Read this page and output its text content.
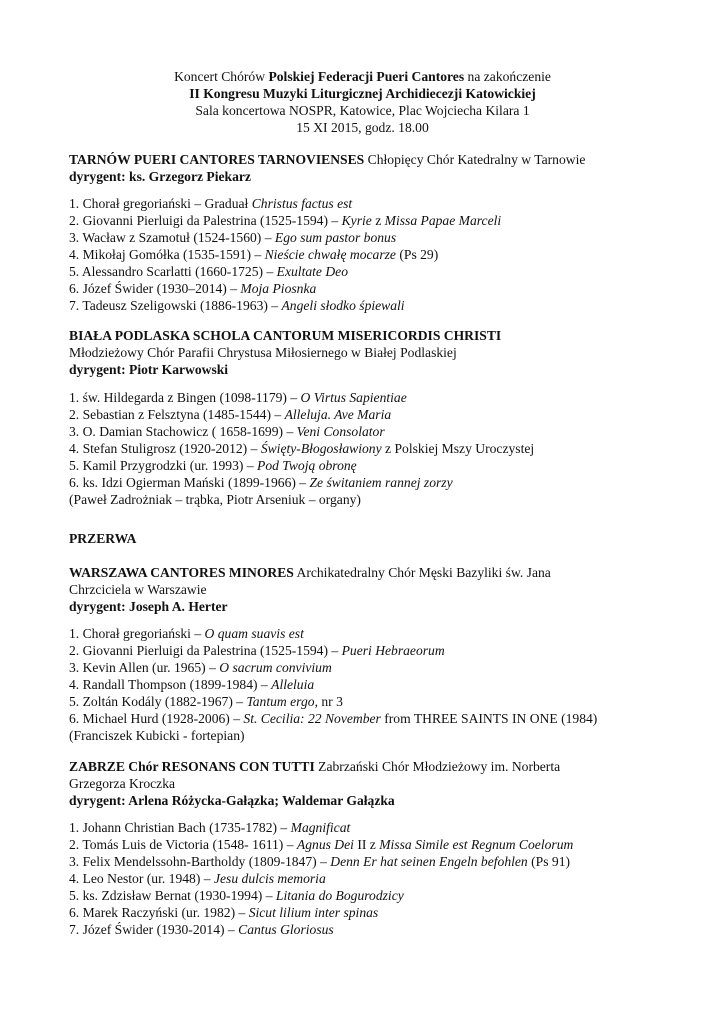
Koncert Chórów Polskiej Federacji Pueri Cantores na zakończenie
II Kongresu Muzyki Liturgicznej Archidiecezji Katowickiej
Sala koncertowa NOSPR, Katowice, Plac Wojciecha Kilara 1
15 XI 2015, godz. 18.00
TARNÓW PUERI CANTORES TARNOVIENSES Chłopięcy Chór Katedralny w Tarnowie
dyrygent: ks. Grzegorz Piekarz
1. Chorał gregoriański – Graduał Christus factus est
2. Giovanni Pierluigi da Palestrina (1525-1594) – Kyrie z Missa Papae Marceli
3. Wacław z Szamotuł (1524-1560) – Ego sum pastor bonus
4. Mikołaj Gomółka (1535-1591) – Nieście chwałę mocarze (Ps 29)
5. Alessandro Scarlatti (1660-1725) – Exultate Deo
6. Józef Świder (1930–2014) – Moja Piosnka
7. Tadeusz Szeligowski (1886-1963) – Angeli słodko śpiewali
BIAŁA PODLASKA SCHOLA CANTORUM MISERICORDIS CHRISTI
Młodzieżowy Chór Parafii Chrystusa Miłosiernego w Białej Podlaskiej
dyrygent: Piotr Karwowski
1. św. Hildegarda z Bingen (1098-1179) – O Virtus Sapientiae
2. Sebastian z Felsztyna (1485-1544) – Alleluja. Ave Maria
3. O. Damian Stachowicz ( 1658-1699) – Veni Consolator
4. Stefan Stuligrosz (1920-2012) – Święty-Błogosławiony z Polskiej Mszy Uroczystej
5. Kamil Przygrodzki (ur. 1993) – Pod Twoją obronę
6. ks. Idzi Ogierman Mański (1899-1966) – Ze świtaniem rannej zorzy
(Paweł Zadrożniak – trąbka, Piotr Arseniuk – organy)
PRZERWA
WARSZAWA CANTORES MINORES Archikatedralny Chór Męski Bazyliki św. Jana
Chrzciciela w Warszawie
dyrygent: Joseph A. Herter
1. Chorał gregoriański – O quam suavis est
2. Giovanni Pierluigi da Palestrina (1525-1594) – Pueri Hebraeorum
3. Kevin Allen (ur. 1965) – O sacrum convivium
4. Randall Thompson (1899-1984) – Alleluia
5. Zoltán Kodály (1882-1967) – Tantum ergo, nr 3
6. Michael Hurd (1928-2006) – St. Cecilia: 22 November from THREE SAINTS IN ONE (1984)
(Franciszek Kubicki - fortepian)
ZABRZE Chór RESONANS CON TUTTI Zabrzański Chór Młodzieżowy im. Norberta
Grzegorza Kroczka
dyrygent: Arlena Różycka-Gałązka; Waldemar Gałązka
1. Johann Christian Bach (1735-1782) – Magnificat
2. Tomás Luis de Victoria (1548- 1611) – Agnus Dei II z Missa Simile est Regnum Coelorum
3. Felix Mendelssohn-Bartholdy (1809-1847) – Denn Er hat seinen Engeln befohlen (Ps 91)
4. Leo Nestor (ur. 1948) – Jesu dulcis memoria
5. ks. Zdzisław Bernat (1930-1994) – Litania do Bogurodzicy
6. Marek Raczyński (ur. 1982) – Sicut lilium inter spinas
7. Józef Świder (1930-2014) – Cantus Gloriosus
